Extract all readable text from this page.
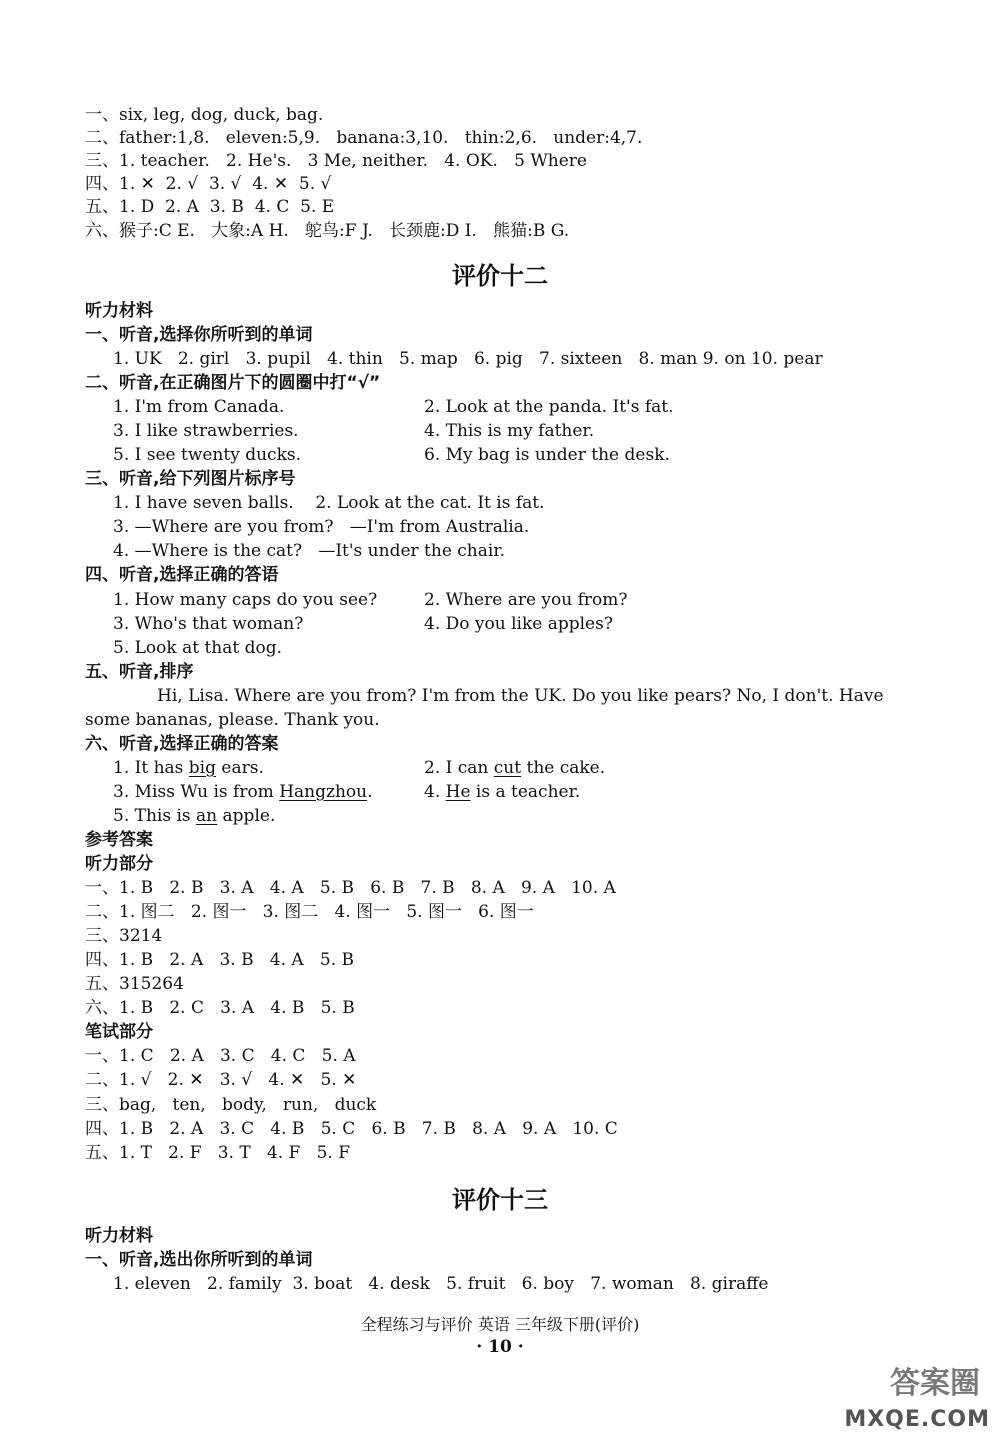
一、six, leg, dog, duck, bag.
二、father:1,8.   eleven:5,9.   banana:3,10.   thin:2,6.   under:4,7.
三、1. teacher.   2. He's.   3 Me, neither.   4. OK.   5 Where
四、1. ✕  2. √  3. √  4. ✕  5. √
五、1. D  2. A  3. B  4. C  5. E
六、猴子:C E.   大象:A H.   鸵鸟:F J.   长颈鹿:D I.   熊猫:B G.
评价十二
听力材料
一、听音,选择你所听到的单词
1. UK   2. girl   3. pupil   4. thin   5. map   6. pig   7. sixteen   8. man 9. on 10. pear
二、听音,在正确图片下的圆圈中打“√”
1. I'm from Canada.	2. Look at the panda. It's fat.
3. I like strawberries.	4. This is my father.
5. I see twenty ducks.	6. My bag is under the desk.
三、听音,给下列图片标序号
1. I have seven balls.    2. Look at the cat. It is fat.
3. —Where are you from?   —I'm from Australia.
4. —Where is the cat?   —It's under the chair.
四、听音,选择正确的答语
1. How many caps do you see?	2. Where are you from?
3. Who's that woman?	4. Do you like apples?
5. Look at that dog.
五、听音,排序
Hi, Lisa. Where are you from? I'm from the UK. Do you like pears? No, I don't. Have
some bananas, please. Thank you.
六、听音,选择正确的答案
1. It has big ears.	2. I can cut the cake.
3. Miss Wu is from Hangzhou.	4. He is a teacher.
5. This is an apple.
参考答案
听力部分
一、1. B   2. B   3. A   4. A   5. B   6. B   7. B   8. A   9. A   10. A
二、1. 图二   2. 图一   3. 图二   4. 图一   5. 图一   6. 图一
三、3214
四、1. B   2. A   3. B   4. A   5. B
五、315264
六、1. B   2. C   3. A   4. B   5. B
笔试部分
一、1. C   2. A   3. C   4. C   5. A
二、1. √   2. ✕   3. √   4. ✕   5. ✕
三、bag,   ten,   body,   run,   duck
四、1. B   2. A   3. C   4. B   5. C   6. B   7. B   8. A   9. A   10. C
五、1. T   2. F   3. T   4. F   5. F
评价十三
听力材料
一、听音,选出你所听到的单词
1. eleven   2. family  3. boat   4. desk   5. fruit   6. boy   7. woman   8. giraffe
全程练习与评价 英语 三年级下册(评价)
· 10 ·
答案圈
MXQE.COM
